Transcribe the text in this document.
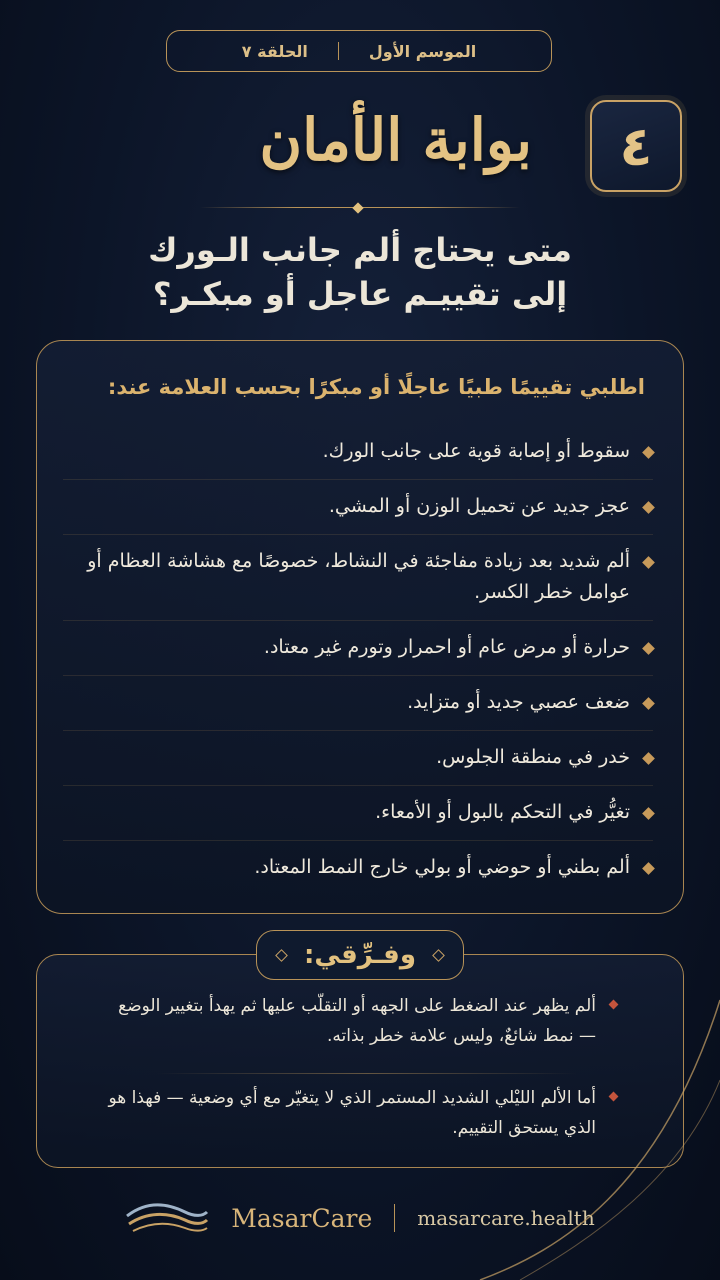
الموسم الأول
الحلقة ٧
٤
بوابة الأمان
متى يحتاج ألم جانب الـورك
إلى تقييـم عاجل أو مبكـر؟
اطلبي تقييمًا طبيًا عاجلًا أو مبكرًا بحسب العلامة عند:
سقوط أو إصابة قوية على جانب الورك.
عجز جديد عن تحميل الوزن أو المشي.
ألم شديد بعد زيادة مفاجئة في النشاط، خصوصًا مع هشاشة العظام أو عوامل خطر الكسر.
حرارة أو مرض عام أو احمرار وتورم غير معتاد.
ضعف عصبي جديد أو متزايد.
خدر في منطقة الجلوس.
تغيُّر في التحكم بالبول أو الأمعاء.
ألم بطني أو حوضي أو بولي خارج النمط المعتاد.
ألم يظهر عند الضغط على الجهه أو التقلّب عليها ثم يهدأ بتغيير الوضع — نمط شائعٌ، وليس علامة خطر بذاته.
أما الألم الليْلي الشديد المستمر الذي لا يتغيّر مع أي وضعية — فهذا هو الذي يستحق التقييم.
وفـرِّقي:
masarcare.health
MasarCare
